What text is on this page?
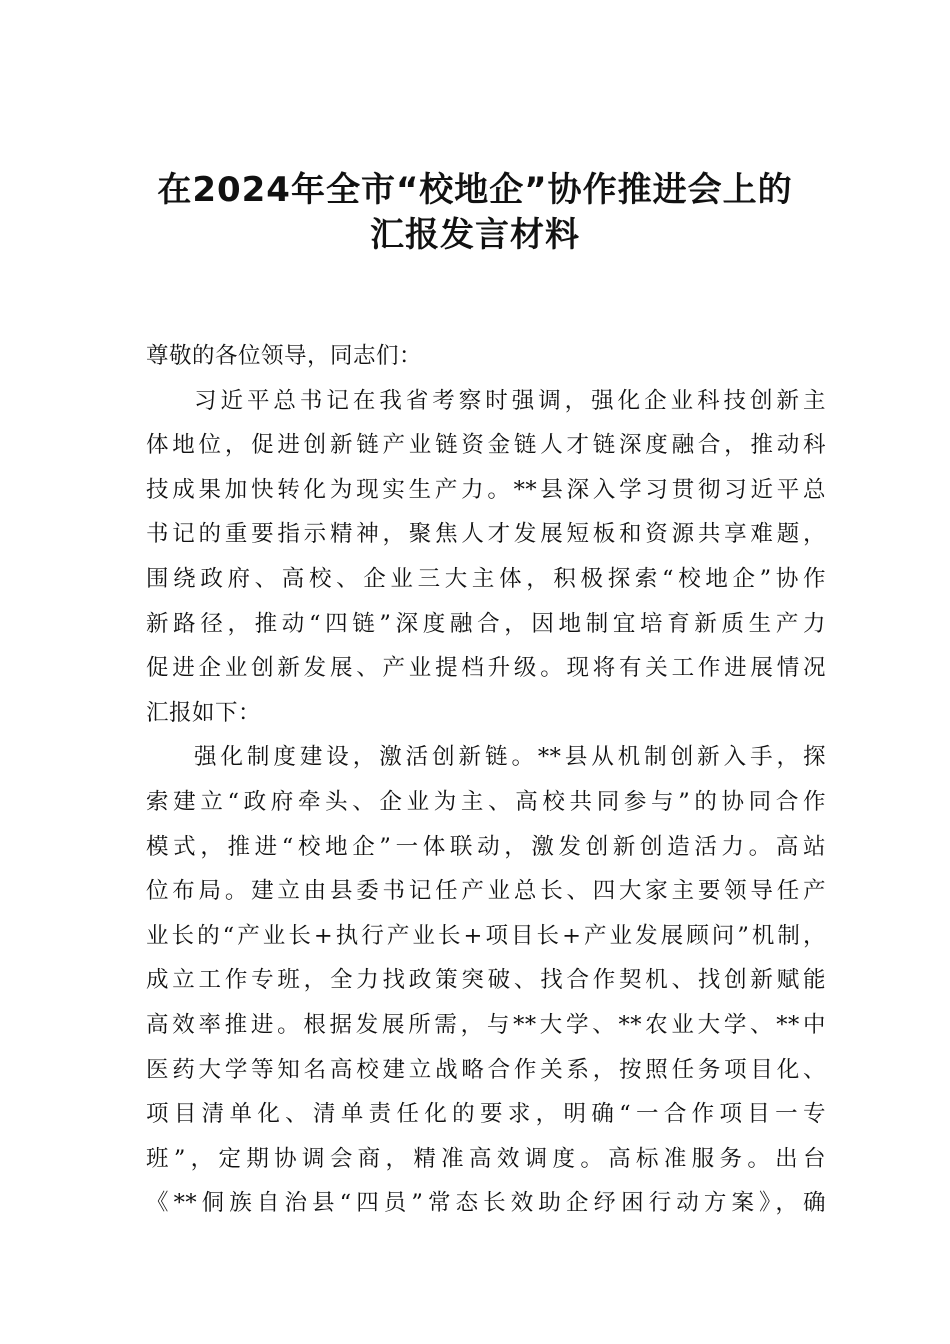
在2024年全市“校地企”协作推进会上的
汇报发言材料
尊敬的各位领导，同志们：
习近平总书记在我省考察时强调，强化企业科技创新主
体地位，促进创新链产业链资金链人才链深度融合，推动科
技成果加快转化为现实生产力。**县深入学习贯彻习近平总
书记的重要指示精神，聚焦人才发展短板和资源共享难题，
围绕政府、高校、企业三大主体，积极探索“校地企”协作
新路径，推动“四链”深度融合，因地制宜培育新质生产力
促进企业创新发展、产业提档升级。现将有关工作进展情况
汇报如下：
强化制度建设，激活创新链。**县从机制创新入手，探
索建立“政府牵头、企业为主、高校共同参与”的协同合作
模式，推进“校地企”一体联动，激发创新创造活力。高站
位布局。建立由县委书记任产业总长、四大家主要领导任产
业长的“产业长+执行产业长+项目长+产业发展顾问”机制，
成立工作专班，全力找政策突破、找合作契机、找创新赋能
高效率推进。根据发展所需，与**大学、**农业大学、**中
医药大学等知名高校建立战略合作关系，按照任务项目化、
项目清单化、清单责任化的要求，明确“一合作项目一专
班”，定期协调会商，精准高效调度。高标准服务。出台
《**侗族自治县“四员”常态长效助企纾困行动方案》，确
